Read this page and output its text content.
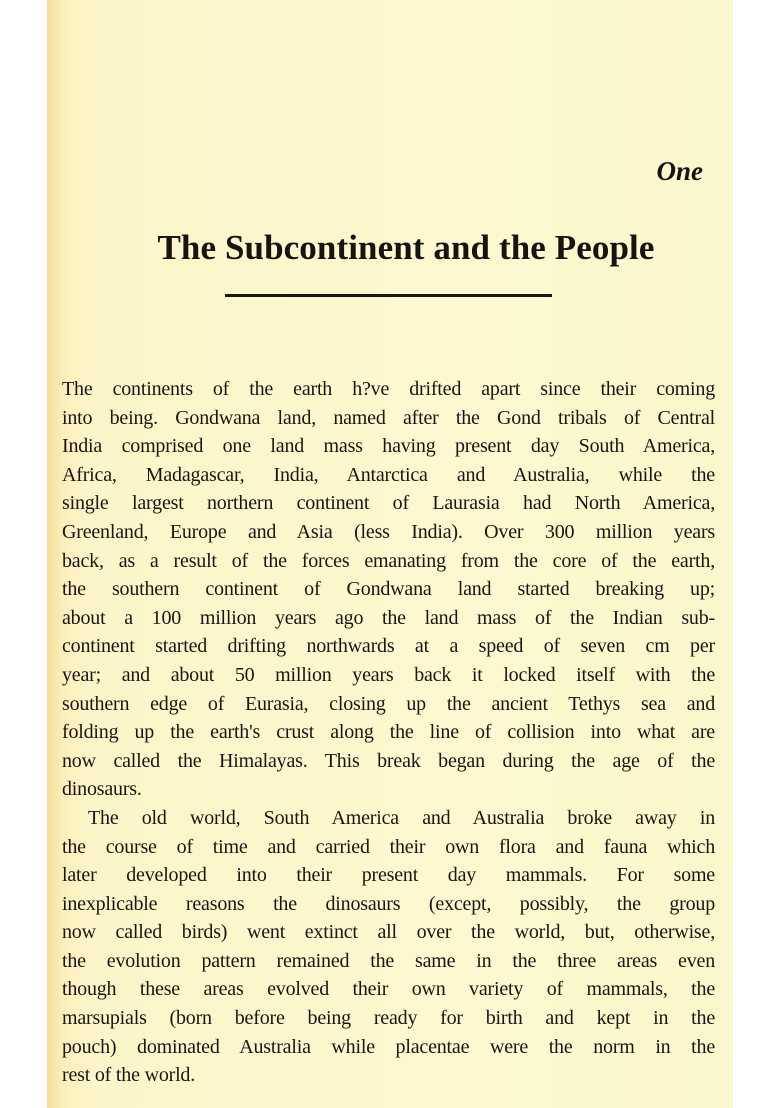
One
The Subcontinent and the People
The continents of the earth h?ve drifted apart since their coming
into being. Gondwana land, named after the Gond tribals of Central
India comprised one land mass having present day South America,
Africa, Madagascar, India, Antarctica and Australia, while the
single largest northern continent of Laurasia had North America,
Greenland, Europe and Asia (less India). Over 300 million years
back, as a result of the forces emanating from the core of the earth,
the southern continent of Gondwana land started breaking up;
about a 100 million years ago the land mass of the Indian sub-
continent started drifting northwards at a speed of seven cm per
year; and about 50 million years back it locked itself with the
southern edge of Eurasia, closing up the ancient Tethys sea and
folding up the earth's crust along the line of collision into what are
now called the Himalayas. This break began during the age of the
dinosaurs.
The old world, South America and Australia broke away in
the course of time and carried their own flora and fauna which
later developed into their present day mammals. For some
inexplicable reasons the dinosaurs (except, possibly, the group
now called birds) went extinct all over the world, but, otherwise,
the evolution pattern remained the same in the three areas even
though these areas evolved their own variety of mammals, the
marsupials (born before being ready for birth and kept in the
pouch) dominated Australia while placentae were the norm in the
rest of the world.
